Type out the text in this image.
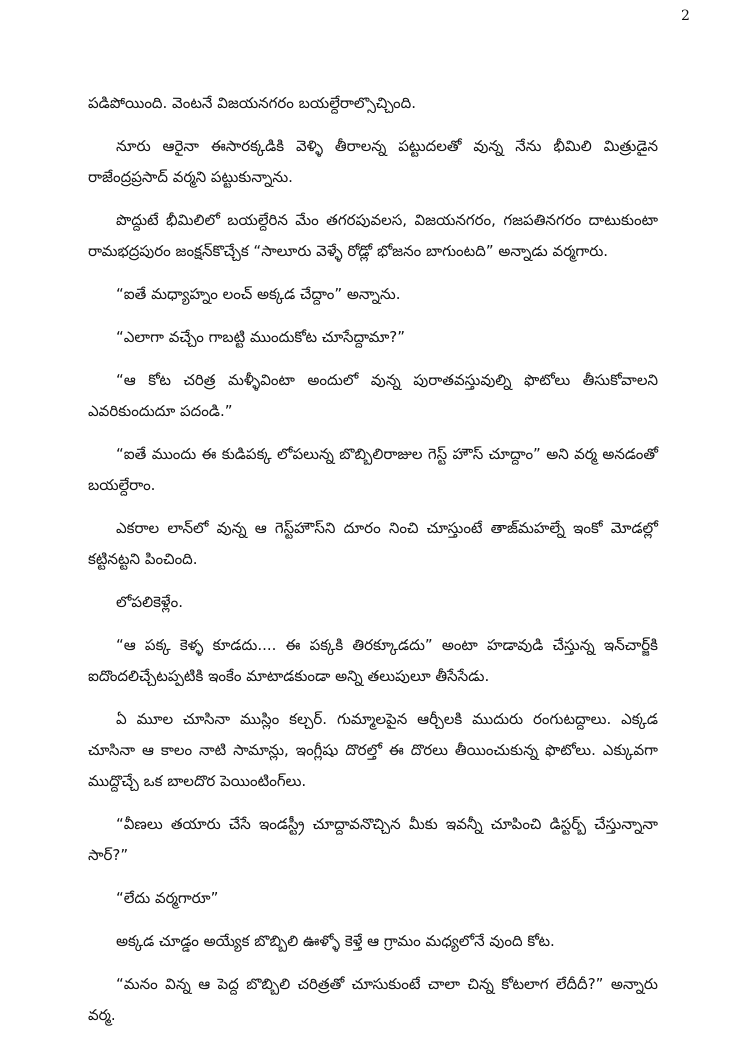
2

పడిపోయింది. వెంటనే విజయనగరం బయల్దేరాల్సొచ్చింది.

నూరు ఆరైనా ఈసారక్కడికి వెళ్ళి తీరాలన్న పట్టుదలతో వున్న నేను భీమిలి మిత్రుడైన రాజేంద్రప్రసాద్ వర్మని పట్టుకున్నాను.

పొద్దుటే భీమిలిలో బయల్దేరిన మేం తగరపువలస, విజయనగరం, గజపతినగరం దాటుకుంటా రామభద్రపురం జంక్షన్‌కొచ్చేక “సాలూరు వెళ్ళే రోడ్లో భోజనం బాగుంటది” అన్నాడు వర్మగారు.

“ఐతే మధ్యాహ్నం లంచ్ అక్కడ చేద్దాం” అన్నాను.

“ఎలాగా వచ్చేం గాబట్టి ముందుకోట చూసేద్దామా?”

“ఆ కోట చరిత్ర మళ్ళీవింటా అందులో వున్న పురాతవస్తువుల్ని ఫొటోలు తీసుకోవాలని ఎవరికుందుదూ పదండి.”

“ఐతే ముందు ఈ కుడిపక్క లోపలున్న బొబ్బిలిరాజుల గెస్ట్ హౌస్ చూద్దాం” అని వర్మ అనడంతో బయల్దేరాం.

ఎకరాల లాన్‌లో వున్న ఆ గెస్ట్‌హౌస్‌ని దూరం నించి చూస్తుంటే తాజ్‌మహల్నే ఇంకో మోడల్లో కట్టినట్టని పించింది.

లోపలికెళ్లేం.

“ఆ పక్క కెళ్ళ కూడదు.... ఈ పక్కకి తిరక్కూడదు” అంటా హడావుడి చేస్తున్న ఇన్‌చార్జ్‌కి ఐదొందలిచ్చేటప్పటికి ఇంకేం మాటాడకుండా అన్ని తలుపులూ తీసేసేడు.

ఏ మూల చూసినా ముస్లిం కల్చర్. గుమ్మాలపైన ఆర్చీలకి ముదురు రంగుటద్దాలు. ఎక్కడ చూసినా ఆ కాలం నాటి సామాన్లు, ఇంగ్లీషు దొరల్తో ఈ దొరలు తీయించుకున్న ఫొటోలు. ఎక్కువగా ముద్దొచ్చే ఒక బాలదొర పెయింటింగ్‌లు.

“వీణలు తయారు చేసే ఇండస్ట్రీ చూద్దావనొచ్చిన మీకు ఇవన్నీ చూపించి డిస్టర్బ్ చేస్తున్నానా సార్?”

“లేదు వర్మగారూ”

అక్కడ చూడ్డం అయ్యేక బొబ్బిలి ఊళ్ళో కెళ్తే ఆ గ్రామం మధ్యలోనే వుంది కోట.

“మనం విన్న ఆ పెద్ద బొబ్బిలి చరిత్రతో చూసుకుంటే చాలా చిన్న కోటలాగ లేదీదీ?” అన్నారు వర్మ.
